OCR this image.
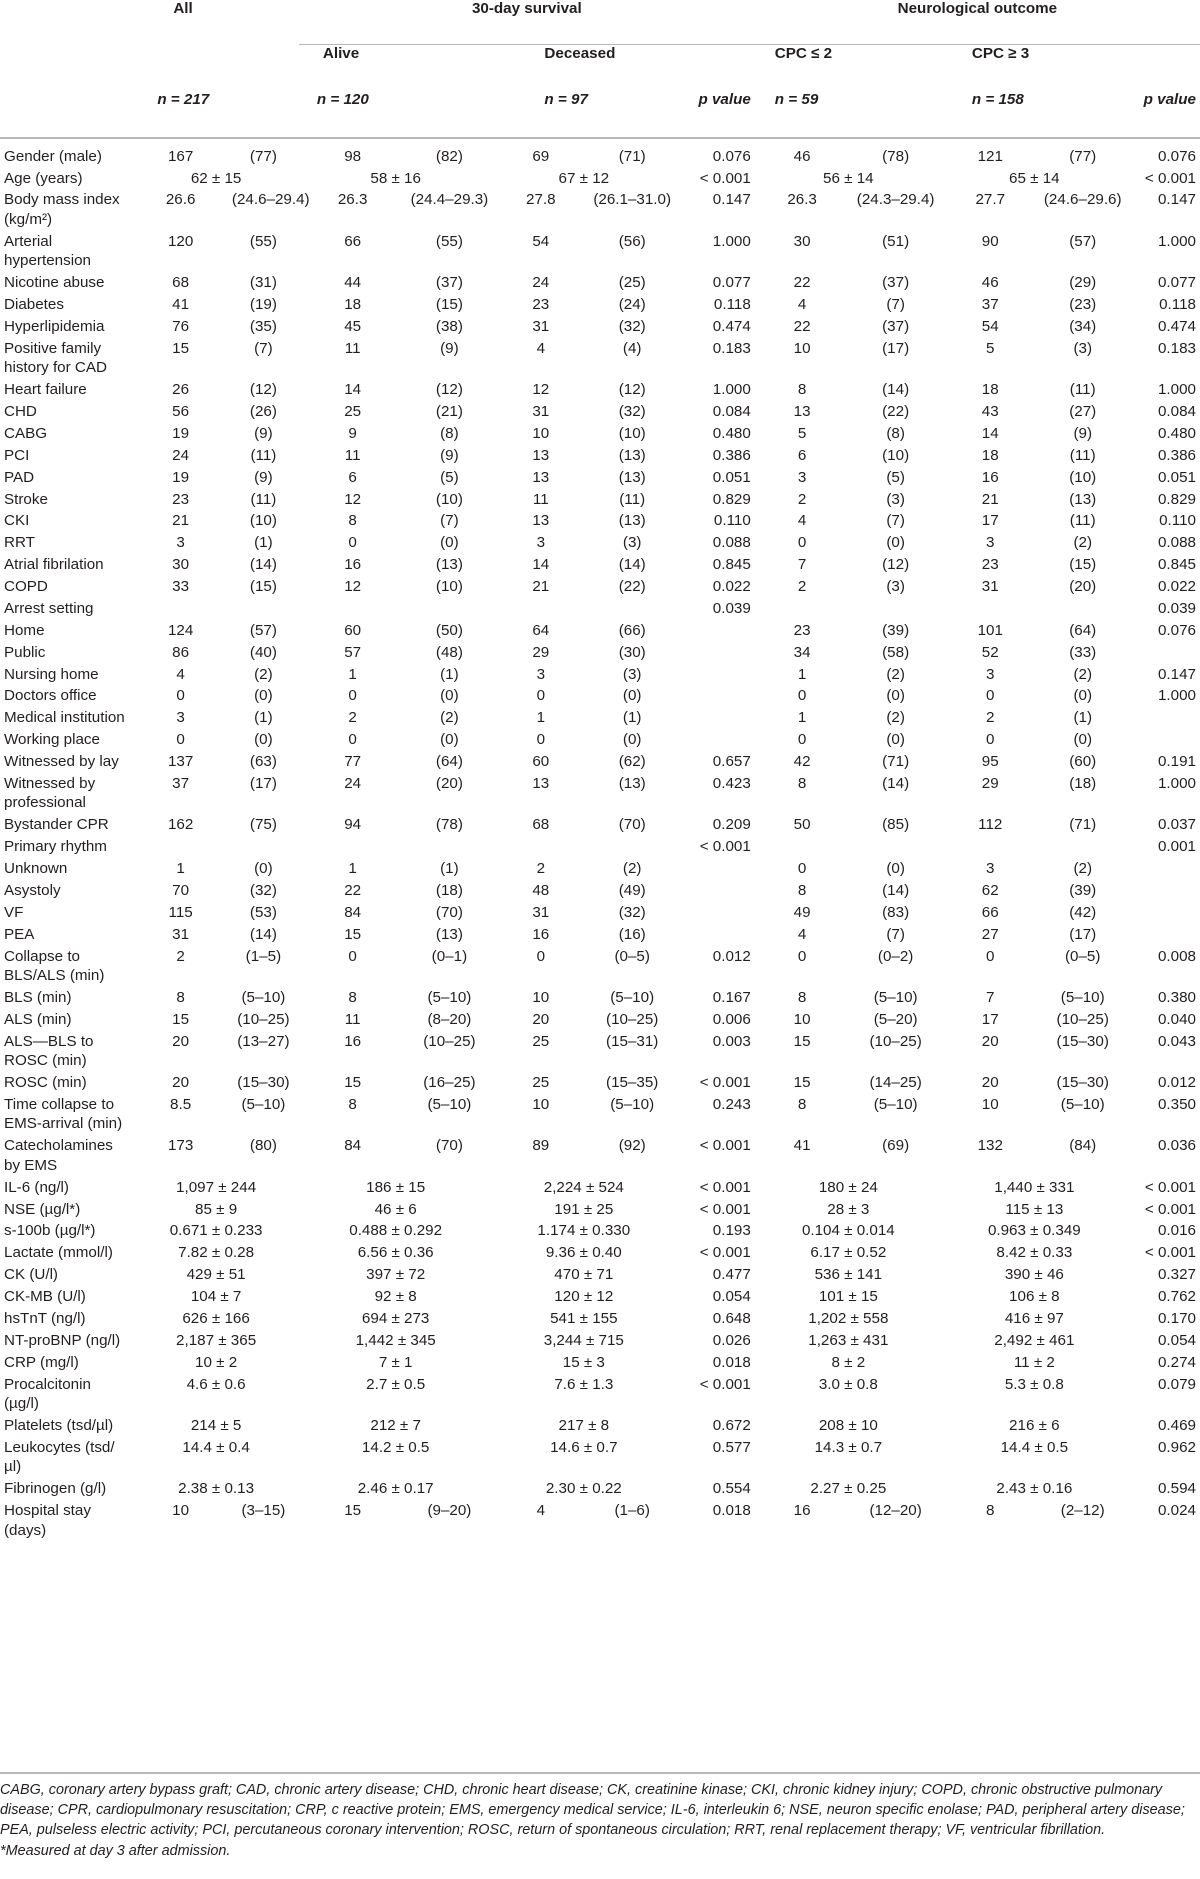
	All		30-day survival					Neurological outcome				
			Alive		Deceased			CPC ≤ 2		CPC ≥ 3		
	n = 217		n = 120		n = 97		p value	n = 59		n = 158		p value

Gender (male)	167	(77)	98	(82)	69	(71)	0.076	46	(78)	121	(77)	0.076
Age (years)	62 ± 15		58 ± 16		67 ± 12		< 0.001	56 ± 14		65 ± 14		< 0.001
Body mass index (kg/m²)	26.6	(24.6–29.4)	26.3	(24.4–29.3)	27.8	(26.1–31.0)	0.147	26.3	(24.3–29.4)	27.7	(24.6–29.6)	0.147
Arterial hypertension	120	(55)	66	(55)	54	(56)	1.000	30	(51)	90	(57)	1.000
Nicotine abuse	68	(31)	44	(37)	24	(25)	0.077	22	(37)	46	(29)	0.077
Diabetes	41	(19)	18	(15)	23	(24)	0.118	4	(7)	37	(23)	0.118
Hyperlipidemia	76	(35)	45	(38)	31	(32)	0.474	22	(37)	54	(34)	0.474
Positive family history for CAD	15	(7)	11	(9)	4	(4)	0.183	10	(17)	5	(3)	0.183
Heart failure	26	(12)	14	(12)	12	(12)	1.000	8	(14)	18	(11)	1.000
CHD	56	(26)	25	(21)	31	(32)	0.084	13	(22)	43	(27)	0.084
CABG	19	(9)	9	(8)	10	(10)	0.480	5	(8)	14	(9)	0.480
PCI	24	(11)	11	(9)	13	(13)	0.386	6	(10)	18	(11)	0.386
PAD	19	(9)	6	(5)	13	(13)	0.051	3	(5)	16	(10)	0.051
Stroke	23	(11)	12	(10)	11	(11)	0.829	2	(3)	21	(13)	0.829
CKI	21	(10)	8	(7)	13	(13)	0.110	4	(7)	17	(11)	0.110
RRT	3	(1)	0	(0)	3	(3)	0.088	0	(0)	3	(2)	0.088
Atrial fibrilation	30	(14)	16	(13)	14	(14)	0.845	7	(12)	23	(15)	0.845
COPD	33	(15)	12	(10)	21	(22)	0.022	2	(3)	31	(20)	0.022
Arrest setting							0.039					0.039
Home	124	(57)	60	(50)	64	(66)		23	(39)	101	(64)	0.076
Public	86	(40)	57	(48)	29	(30)		34	(58)	52	(33)	
Nursing home	4	(2)	1	(1)	3	(3)		1	(2)	3	(2)	0.147
Doctors office	0	(0)	0	(0)	0	(0)		0	(0)	0	(0)	1.000
Medical institution	3	(1)	2	(2)	1	(1)		1	(2)	2	(1)	
Working place	0	(0)	0	(0)	0	(0)		0	(0)	0	(0)	
Witnessed by lay	137	(63)	77	(64)	60	(62)	0.657	42	(71)	95	(60)	0.191
Witnessed by professional	37	(17)	24	(20)	13	(13)	0.423	8	(14)	29	(18)	1.000
Bystander CPR	162	(75)	94	(78)	68	(70)	0.209	50	(85)	112	(71)	0.037
Primary rhythm							< 0.001					0.001
Unknown	1	(0)	1	(1)	2	(2)		0	(0)	3	(2)	
Asystoly	70	(32)	22	(18)	48	(49)		8	(14)	62	(39)	
VF	115	(53)	84	(70)	31	(32)		49	(83)	66	(42)	
PEA	31	(14)	15	(13)	16	(16)		4	(7)	27	(17)	
Collapse to BLS/ALS (min)	2	(1–5)	0	(0–1)	0	(0–5)	0.012	0	(0–2)	0	(0–5)	0.008
BLS (min)	8	(5–10)	8	(5–10)	10	(5–10)	0.167	8	(5–10)	7	(5–10)	0.380
ALS (min)	15	(10–25)	11	(8–20)	20	(10–25)	0.006	10	(5–20)	17	(10–25)	0.040
ALS—BLS to ROSC (min)	20	(13–27)	16	(10–25)	25	(15–31)	0.003	15	(10–25)	20	(15–30)	0.043
ROSC (min)	20	(15–30)	15	(16–25)	25	(15–35)	< 0.001	15	(14–25)	20	(15–30)	0.012
Time collapse to EMS-arrival (min)	8.5	(5–10)	8	(5–10)	10	(5–10)	0.243	8	(5–10)	10	(5–10)	0.350
Catecholamines by EMS	173	(80)	84	(70)	89	(92)	< 0.001	41	(69)	132	(84)	0.036
IL-6 (ng/l)	1,097 ± 244		186 ± 15		2,224 ± 524		< 0.001	180 ± 24		1,440 ± 331		< 0.001
NSE (µg/l*)	85 ± 9		46 ± 6		191 ± 25		< 0.001	28 ± 3		115 ± 13		< 0.001
s-100b (µg/l*)	0.671 ± 0.233		0.488 ± 0.292		1.174 ± 0.330		0.193	0.104 ± 0.014		0.963 ± 0.349		0.016
Lactate (mmol/l)	7.82 ± 0.28		6.56 ± 0.36		9.36 ± 0.40		< 0.001	6.17 ± 0.52		8.42 ± 0.33		< 0.001
CK (U/l)	429 ± 51		397 ± 72		470 ± 71		0.477	536 ± 141		390 ± 46		0.327
CK-MB (U/l)	104 ± 7		92 ± 8		120 ± 12		0.054	101 ± 15		106 ± 8		0.762
hsTnT (ng/l)	626 ± 166		694 ± 273		541 ± 155		0.648	1,202 ± 558		416 ± 97		0.170
NT-proBNP (ng/l)	2,187 ± 365		1,442 ± 345		3,244 ± 715		0.026	1,263 ± 431		2,492 ± 461		0.054
CRP (mg/l)	10 ± 2		7 ± 1		15 ± 3		0.018	8 ± 2		11 ± 2		0.274
Procalcitonin (µg/l)	4.6 ± 0.6		2.7 ± 0.5		7.6 ± 1.3		< 0.001	3.0 ± 0.8		5.3 ± 0.8		0.079
Platelets (tsd/µl)	214 ± 5		212 ± 7		217 ± 8		0.672	208 ± 10		216 ± 6		0.469
Leukocytes (tsd/µl)	14.4 ± 0.4		14.2 ± 0.5		14.6 ± 0.7		0.577	14.3 ± 0.7		14.4 ± 0.5		0.962
Fibrinogen (g/l)	2.38 ± 0.13		2.46 ± 0.17		2.30 ± 0.22		0.554	2.27 ± 0.25		2.43 ± 0.16		0.594
Hospital stay (days)	10	(3–15)	15	(9–20)	4	(1–6)	0.018	16	(12–20)	8	(2–12)	0.024

CABG, coronary artery bypass graft; CAD, chronic artery disease; CHD, chronic heart disease; CK, creatinine kinase; CKI, chronic kidney injury; COPD, chronic obstructive pulmonary disease; CPR, cardiopulmonary resuscitation; CRP, c reactive protein; EMS, emergency medical service; IL-6, interleukin 6; NSE, neuron specific enolase; PAD, peripheral artery disease; PEA, pulseless electric activity; PCI, percutaneous coronary intervention; ROSC, return of spontaneous circulation; RRT, renal replacement therapy; VF, ventricular fibrillation.

*Measured at day 3 after admission.
